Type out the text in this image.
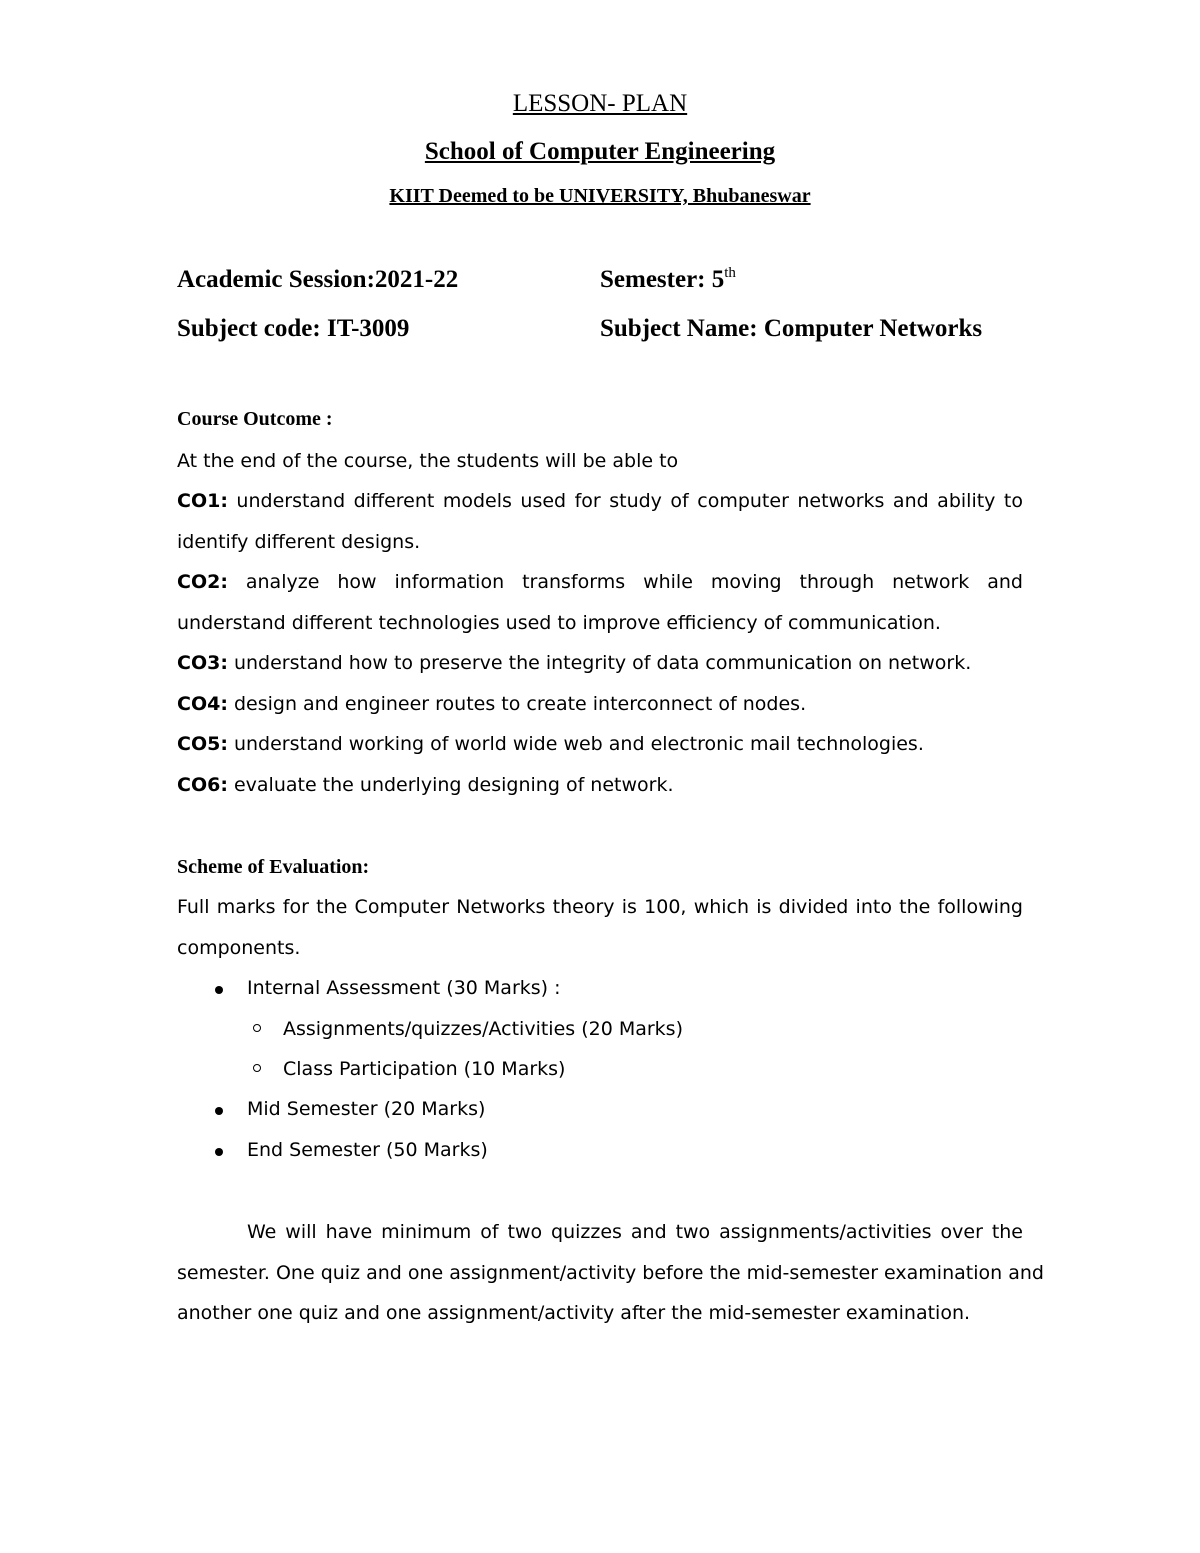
LESSON- PLAN
School of Computer Engineering
KIIT Deemed to be UNIVERSITY, Bhubaneswar
Academic Session:2021-22	Semester: 5th
Subject code: IT-3009	Subject Name: Computer Networks
Course Outcome :
At the end of the course, the students will be able to
CO1: understand different models used for study of computer networks and ability to
identify different designs.
CO2: analyze how information transforms while moving through network and
understand different technologies used to improve efficiency of communication.
CO3: understand how to preserve the integrity of data communication on network.
CO4: design and engineer routes to create interconnect of nodes.
CO5: understand working of world wide web and electronic mail technologies.
CO6: evaluate the underlying designing of network.
Scheme of Evaluation:
Full marks for the Computer Networks theory is 100, which is divided into the following
components.
Internal Assessment (30 Marks) :
Assignments/quizzes/Activities (20 Marks)
Class Participation (10 Marks)
Mid Semester (20 Marks)
End Semester (50 Marks)
We will have minimum of two quizzes and two assignments/activities over the
semester. One quiz and one assignment/activity before the mid-semester examination and
another one quiz and one assignment/activity after the mid-semester examination.
